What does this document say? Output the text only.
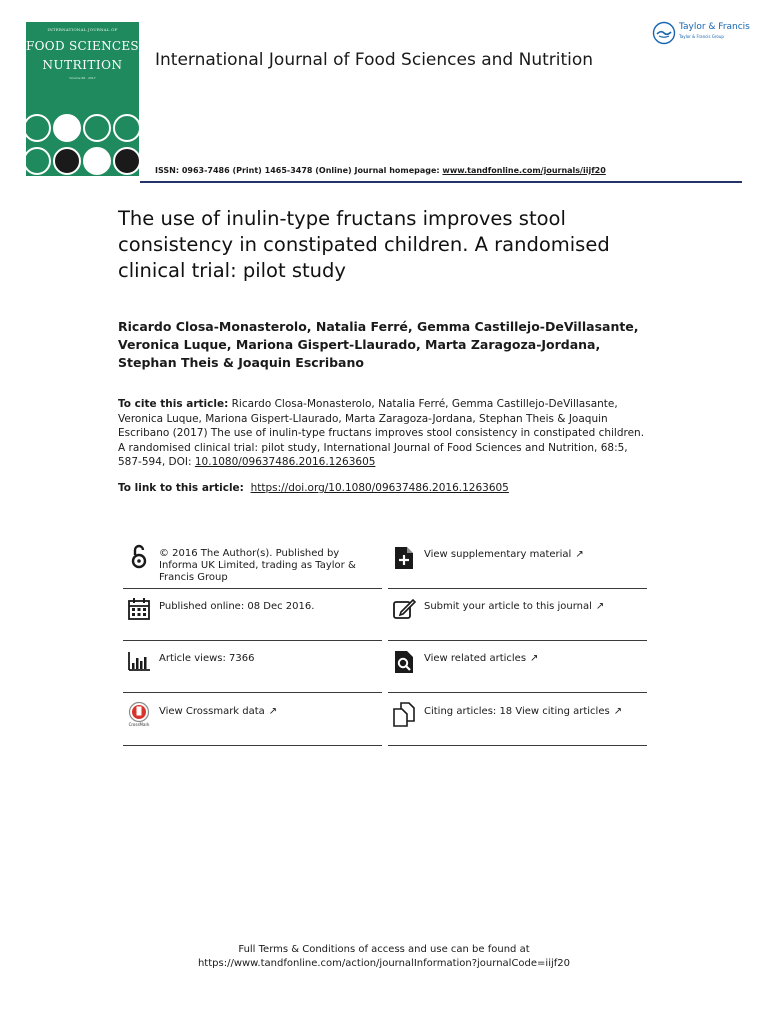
INTERNATIONAL JOURNAL OF
FOOD SCIENCES
NUTRITION
Volume 68 · 2017
International Journal of Food Sciences and Nutrition
Taylor & Francis
Taylor & Francis Group
ISSN: 0963-7486 (Print) 1465-3478 (Online) Journal homepage: www.tandfonline.com/journals/iijf20
The use of inulin-type fructans improves stool consistency in constipated children. A randomised clinical trial: pilot study
Ricardo Closa-Monasterolo, Natalia Ferré, Gemma Castillejo-DeVillasante, Veronica Luque, Mariona Gispert-Llaurado, Marta Zaragoza-Jordana, Stephan Theis & Joaquin Escribano
To cite this article: Ricardo Closa-Monasterolo, Natalia Ferré, Gemma Castillejo-DeVillasante, Veronica Luque, Mariona Gispert-Llaurado, Marta Zaragoza-Jordana, Stephan Theis & Joaquin Escribano (2017) The use of inulin-type fructans improves stool consistency in constipated children. A randomised clinical trial: pilot study, International Journal of Food Sciences and Nutrition, 68:5, 587-594, DOI: 10.1080/09637486.2016.1263605
To link to this article: https://doi.org/10.1080/09637486.2016.1263605
© 2016 The Author(s). Published by Informa UK Limited, trading as Taylor & Francis Group
Published online: 08 Dec 2016.
Article views: 7366
CrossMark
View Crossmark data ↗
View supplementary material ↗
Submit your article to this journal ↗
View related articles ↗
Citing articles: 18 View citing articles ↗
Full Terms & Conditions of access and use can be found at
https://www.tandfonline.com/action/journalInformation?journalCode=iijf20
